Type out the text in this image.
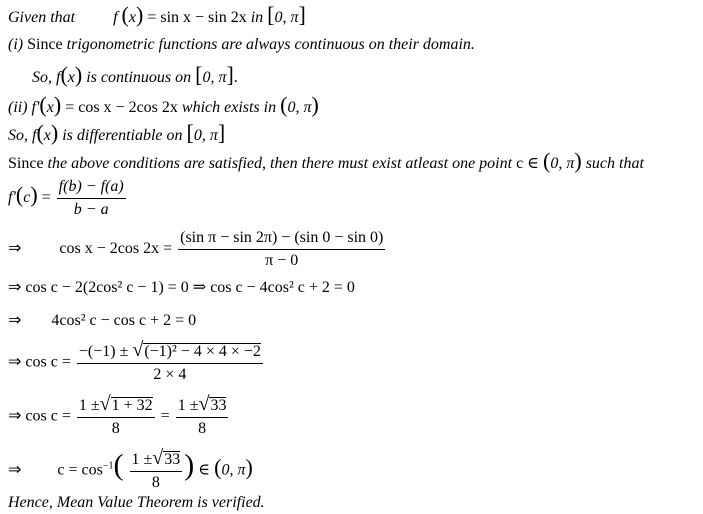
Given that f (x) = sin x − sin 2x in [0, π]
(i) Since trigonometric functions are always continuous on their domain.
So, f(x) is continuous on [0, π].
(ii) f'(x) = cos x − 2cos 2x which exists in (0, π)
So, f(x) is differentiable on [0, π]
Since the above conditions are satisfied, then there must exist atleast one point c ∈ (0, π) such that
$f'(c) = \frac{f(b) - f(a)}{b - a}$
⇒ cos x − 2cos $2x = \frac{\text{(sin π − sin 2π) − (sin 0 − sin 0)}}{\pi - 0}$
⇒ cos c − 2(2cos² c − 1) = 0 ⇒ cos c − 4cos² c + 2 = 0
⇒ 4cos² c − cos c + 2 = 0
⇒ $\cos c = \frac{\text{−(−1) ± √(−1)² − 4 × 4 × −2}}{2 \times 4}$
⇒ $\cos c = \frac{1 \pm√1 + 32}{8} = \frac{1 \pm√33}{8}$
⇒ $c = \cos^{-1}( \frac{1 \pm√33}{8}$ ) ∈ (0, π)
Hence, Mean Value Theorem is verified.
